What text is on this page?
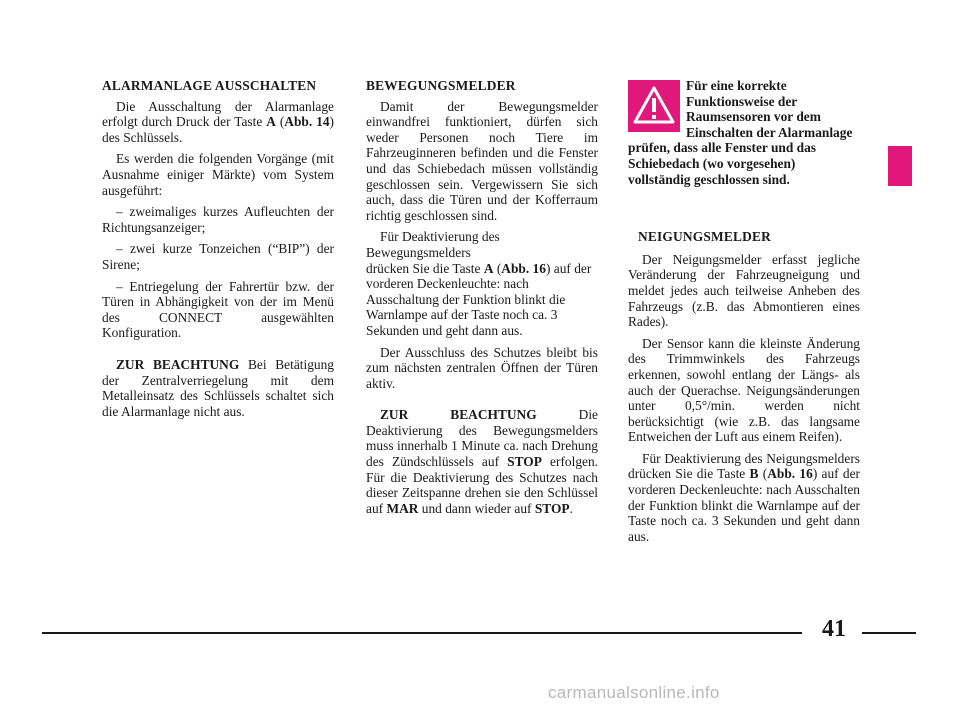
ALARMANLAGE AUSSCHALTEN

Die Ausschaltung der Alarmanlage erfolgt durch Druck der Taste A (Abb. 14) des Schlüssels.

Es werden die folgenden Vorgänge (mit Ausnahme einiger Märkte) vom System ausgeführt:

– zweimaliges kurzes Aufleuchten der Richtungsanzeiger;

– zwei kurze Tonzeichen (“BIP”) der Sirene;

– Entriegelung der Fahrertür bzw. der Türen in Abhängigkeit von der im Menü des CONNECT ausgewählten Konfiguration.

ZUR BEACHTUNG Bei Betätigung der Zentralverriegelung mit dem Metalleinsatz des Schlüssels schaltet sich die Alarmanlage nicht aus.

BEWEGUNGSMELDER

Damit der Bewegungsmelder einwandfrei funktioniert, dürfen sich weder Personen noch Tiere im Fahrzeuginneren befinden und die Fenster und das Schiebedach müssen vollständig geschlossen sein. Vergewissern Sie sich auch, dass die Türen und der Kofferraum richtig geschlossen sind.

Für Deaktivierung des Bewegungsmelders
drücken Sie die Taste A (Abb. 16) auf der vorderen Deckenleuchte: nach Ausschaltung der Funktion blinkt die Warnlampe auf der Taste noch ca. 3 Sekunden und geht dann aus.

Der Ausschluss des Schutzes bleibt bis zum nächsten zentralen Öffnen der Türen aktiv.

ZUR BEACHTUNG Die Deaktivierung des Bewegungsmelders muss innerhalb 1 Minute ca. nach Drehung des Zündschlüssels auf STOP erfolgen. Für die Deaktivierung des Schutzes nach dieser Zeitspanne drehen sie den Schlüssel auf MAR und dann wieder auf STOP.

Für eine korrekte Funktionsweise der Raumsensoren vor dem Einschalten der Alarmanlage prüfen, dass alle Fenster und das Schiebedach (wo vorgesehen) vollständig geschlossen sind.
NEIGUNGSMELDER

Der Neigungsmelder erfasst jegliche Veränderung der Fahrzeugneigung und meldet jedes auch teilweise Anheben des Fahrzeugs (z.B. das Abmontieren eines Rades).

Der Sensor kann die kleinste Änderung des Trimmwinkels des Fahrzeugs erkennen, sowohl entlang der Längs- als auch der Querachse. Neigungsänderungen unter 0,5°/min. werden nicht berücksichtigt (wie z.B. das langsame Entweichen der Luft aus einem Reifen).

Für Deaktivierung des Neigungsmelders drücken Sie die Taste B (Abb. 16) auf der vorderen Deckenleuchte: nach Ausschalten der Funktion blinkt die Warnlampe auf der Taste noch ca. 3 Sekunden und geht dann aus.

41
carmanualsonline.info
